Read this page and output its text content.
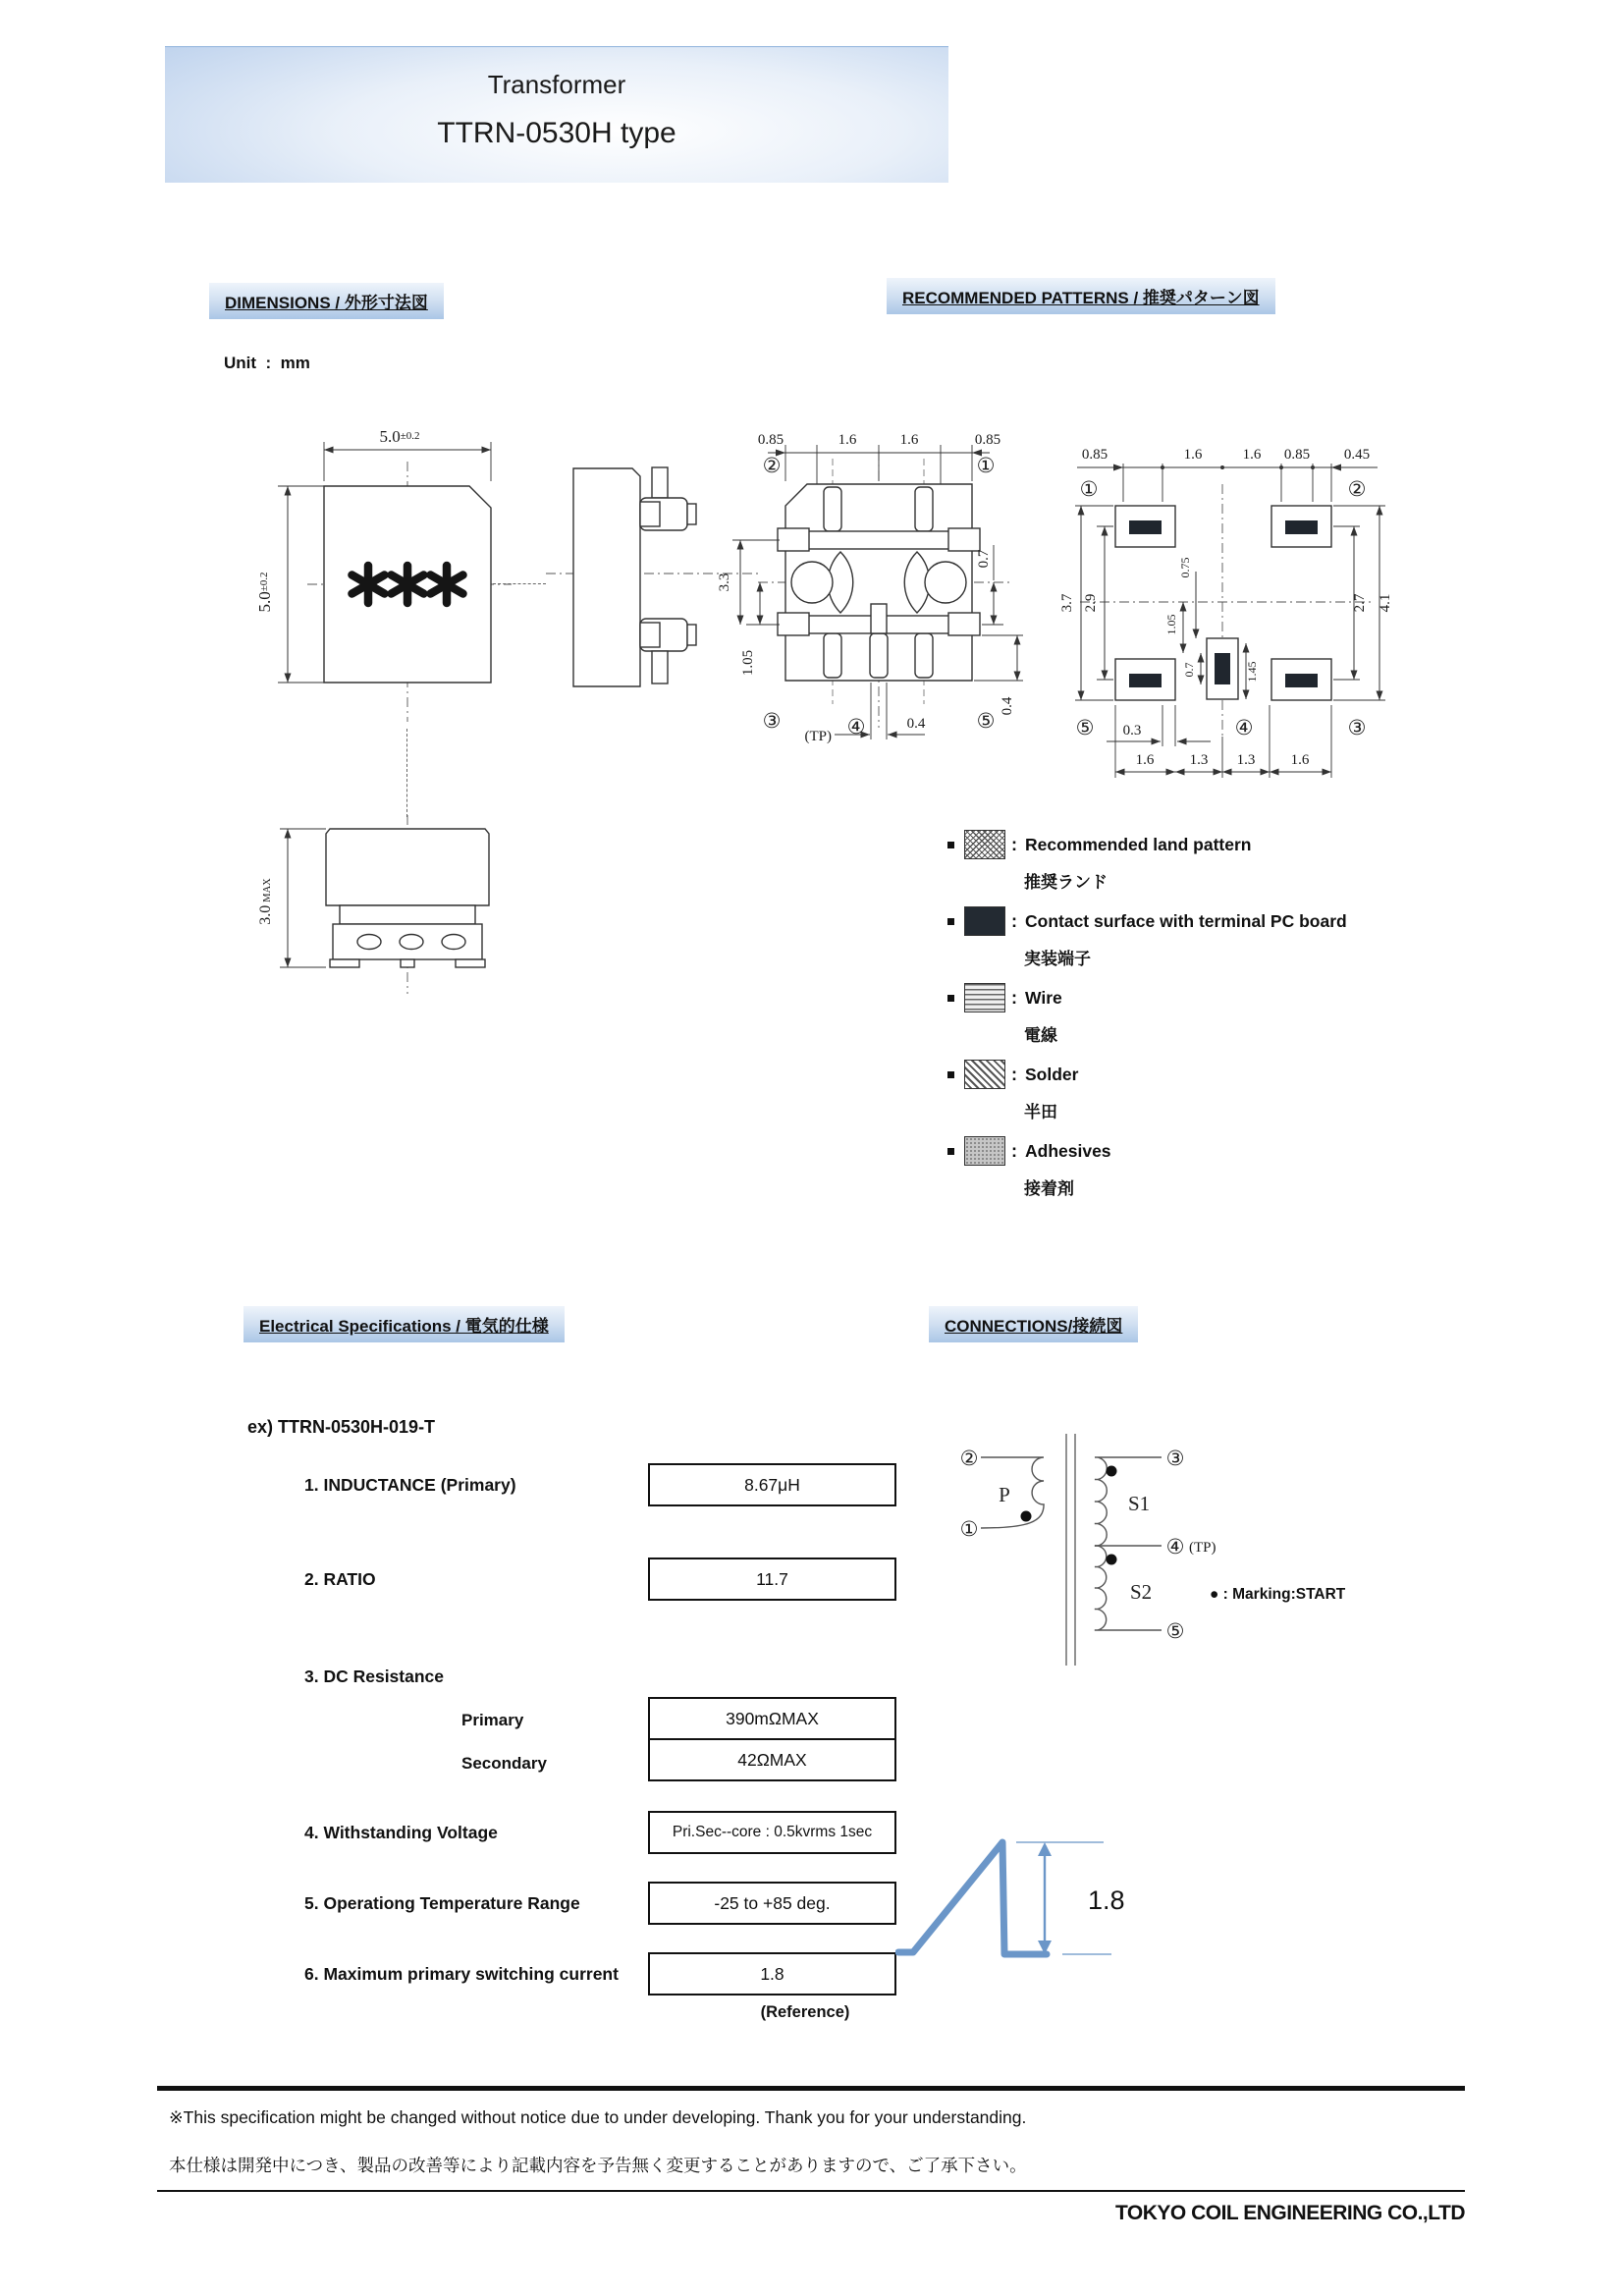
Transformer
TTRN-0530H type
DIMENSIONS / 外形寸法図	RECOMMENDED PATTERNS / 推奨パターン図
Unit  :  mm
$5.0^{\pm 0.2}$
$5.0^{\pm 0.2}$
0.85	1.6	1.6	0.85
3.3
1.05
0.7
0.4
(TP)
0.4
②	①
③	④	⑤
0.85	1.6	1.6 0.85 0.45
3.7 2.9	2.7 4.1
0.75
1.05
0.7	1.45
0.3
1.6 1.3 1.3 1.6
①	②
⑤	④	③
3.0MAX
:
Recommended land pattern
推奨ランド
:
Contact surface with terminal PC board
実装端子
:
Wire
電線
:
Solder
半田
:
Adhesives
接着剤
Electrical Specifications / 電気的仕様	CONNECTIONS/接続図
ex) TTRN-0530H-019-T
1. INDUCTANCE (Primary)	8.67μH
2. RATIO	11.7
3. DC Resistance
Primary	390mΩMAX
Secondary	42ΩMAX
4. Withstanding Voltage	Pri.Sec--core : 0.5kvrms 1sec
5. Operationg Temperature Range	-25 to +85 deg.
6. Maximum primary switching current	1.8
(Reference)
P	S1
S2
②
①
③
④ (TP)
⑤
● : Marking:START
1.8
※This specification might be changed without notice due to under developing. Thank you for your understanding.
本仕様は開発中につき、製品の改善等により記載内容を予告無く変更することがありますので、ご了承下さい。
TOKYO COIL ENGINEERING CO.,LTD
